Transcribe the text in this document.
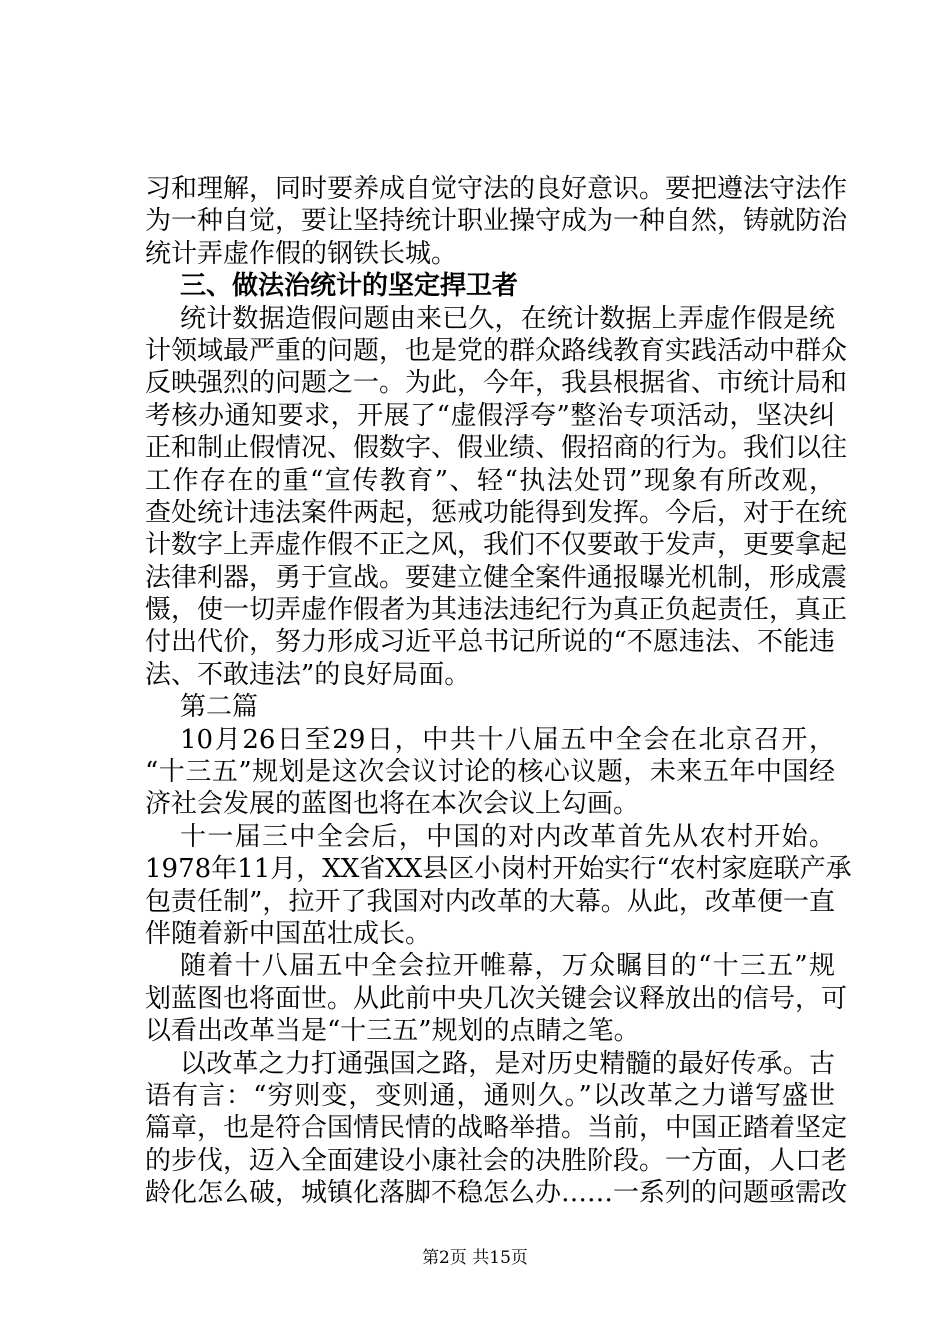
习和理解，同时要养成自觉守法的良好意识。要把遵法守法作
为一种自觉，要让坚持统计职业操守成为一种自然，铸就防治
统计弄虚作假的钢铁长城。
三、做法治统计的坚定捍卫者
统计数据造假问题由来已久，在统计数据上弄虚作假是统
计领域最严重的问题，也是党的群众路线教育实践活动中群众
反映强烈的问题之一。为此，今年，我县根据省、市统计局和
考核办通知要求，开展了“虚假浮夸”整治专项活动，坚决纠
正和制止假情况、假数字、假业绩、假招商的行为。我们以往
工作存在的重“宣传教育”、轻“执法处罚”现象有所改观，
查处统计违法案件两起，惩戒功能得到发挥。今后，对于在统
计数字上弄虚作假不正之风，我们不仅要敢于发声，更要拿起
法律利器，勇于宣战。要建立健全案件通报曝光机制，形成震
慑，使一切弄虚作假者为其违法违纪行为真正负起责任，真正
付出代价，努力形成习近平总书记所说的“不愿违法、不能违
法、不敢违法”的良好局面。
第二篇
10月26日至29日，中共十八届五中全会在北京召开，
“十三五”规划是这次会议讨论的核心议题，未来五年中国经
济社会发展的蓝图也将在本次会议上勾画。
十一届三中全会后，中国的对内改革首先从农村开始。
1978年11月，XX省XX县区小岗村开始实行“农村家庭联产承
包责任制”，拉开了我国对内改革的大幕。从此，改革便一直
伴随着新中国茁壮成长。
随着十八届五中全会拉开帷幕，万众瞩目的“十三五”规
划蓝图也将面世。从此前中央几次关键会议释放出的信号，可
以看出改革当是“十三五”规划的点睛之笔。
以改革之力打通强国之路，是对历史精髓的最好传承。古
语有言：“穷则变，变则通，通则久。”以改革之力谱写盛世
篇章，也是符合国情民情的战略举措。当前，中国正踏着坚定
的步伐，迈入全面建设小康社会的决胜阶段。一方面，人口老
龄化怎么破，城镇化落脚不稳怎么办……一系列的问题亟需改
第2页 共15页
